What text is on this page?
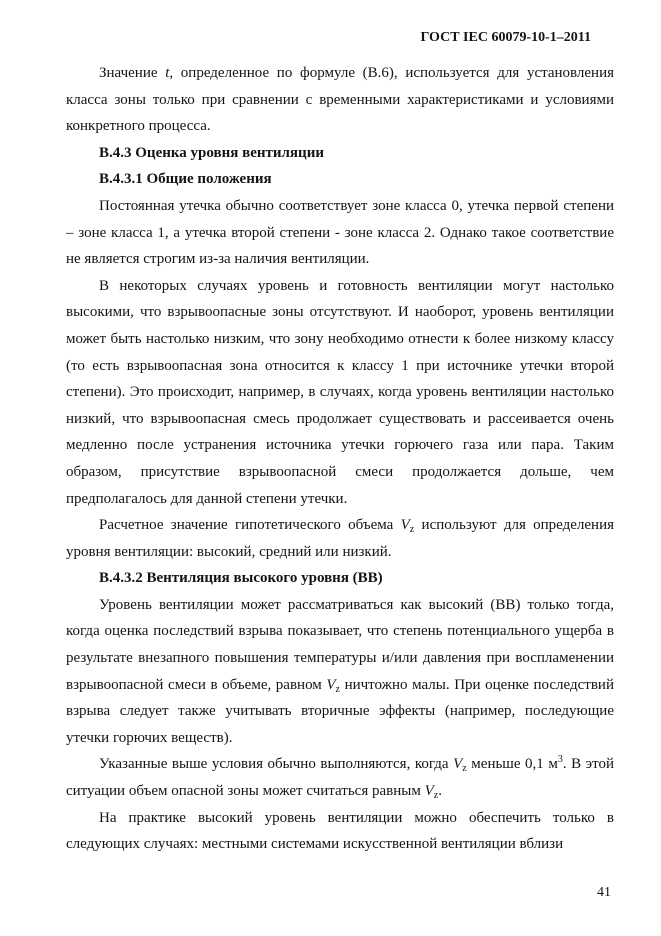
ГОСТ IEC 60079-10-1–2011

Значение t, определенное по формуле (В.6), используется для установления класса зоны только при сравнении с временными характеристиками и условиями конкретного процесса.

В.4.3 Оценка уровня вентиляции
В.4.3.1 Общие положения

Постоянная утечка обычно соответствует зоне класса 0, утечка первой степени – зоне класса 1, а утечка второй степени - зоне класса 2. Однако такое соответствие не является строгим из-за наличия вентиляции.

В некоторых случаях уровень и готовность вентиляции могут настолько высокими, что взрывоопасные зоны отсутствуют. И наоборот, уровень вентиляции может быть настолько низким, что зону необходимо отнести к более низкому классу (то есть взрывоопасная зона относится к классу 1 при источнике утечки второй степени). Это происходит, например, в случаях, когда уровень вентиляции настолько низкий, что взрывоопасная смесь продолжает существовать и рассеивается очень медленно после устранения источника утечки горючего газа или пара. Таким образом, присутствие взрывоопасной смеси продолжается дольше, чем предполагалось для данной степени утечки.

Расчетное значение гипотетического объема $V_z$ используют для определения уровня вентиляции: высокий, средний или низкий.

В.4.3.2 Вентиляция высокого уровня (ВВ)

Уровень вентиляции может рассматриваться как высокий (ВВ) только тогда, когда оценка последствий взрыва показывает, что степень потенциального ущерба в результате внезапного повышения температуры и/или давления при воспламенении взрывоопасной смеси в объеме, равном $V_z$ ничтожно малы. При оценке последствий взрыва следует также учитывать вторичные эффекты (например, последующие утечки горючих веществ).

Указанные выше условия обычно выполняются, когда $V_z$ меньше 0,1 $м^3$. В этой ситуации объем опасной зоны может считаться равным $V_z$.

На практике высокий уровень вентиляции можно обеспечить только в следующих случаях: местными системами искусственной вентиляции вблизи

41
